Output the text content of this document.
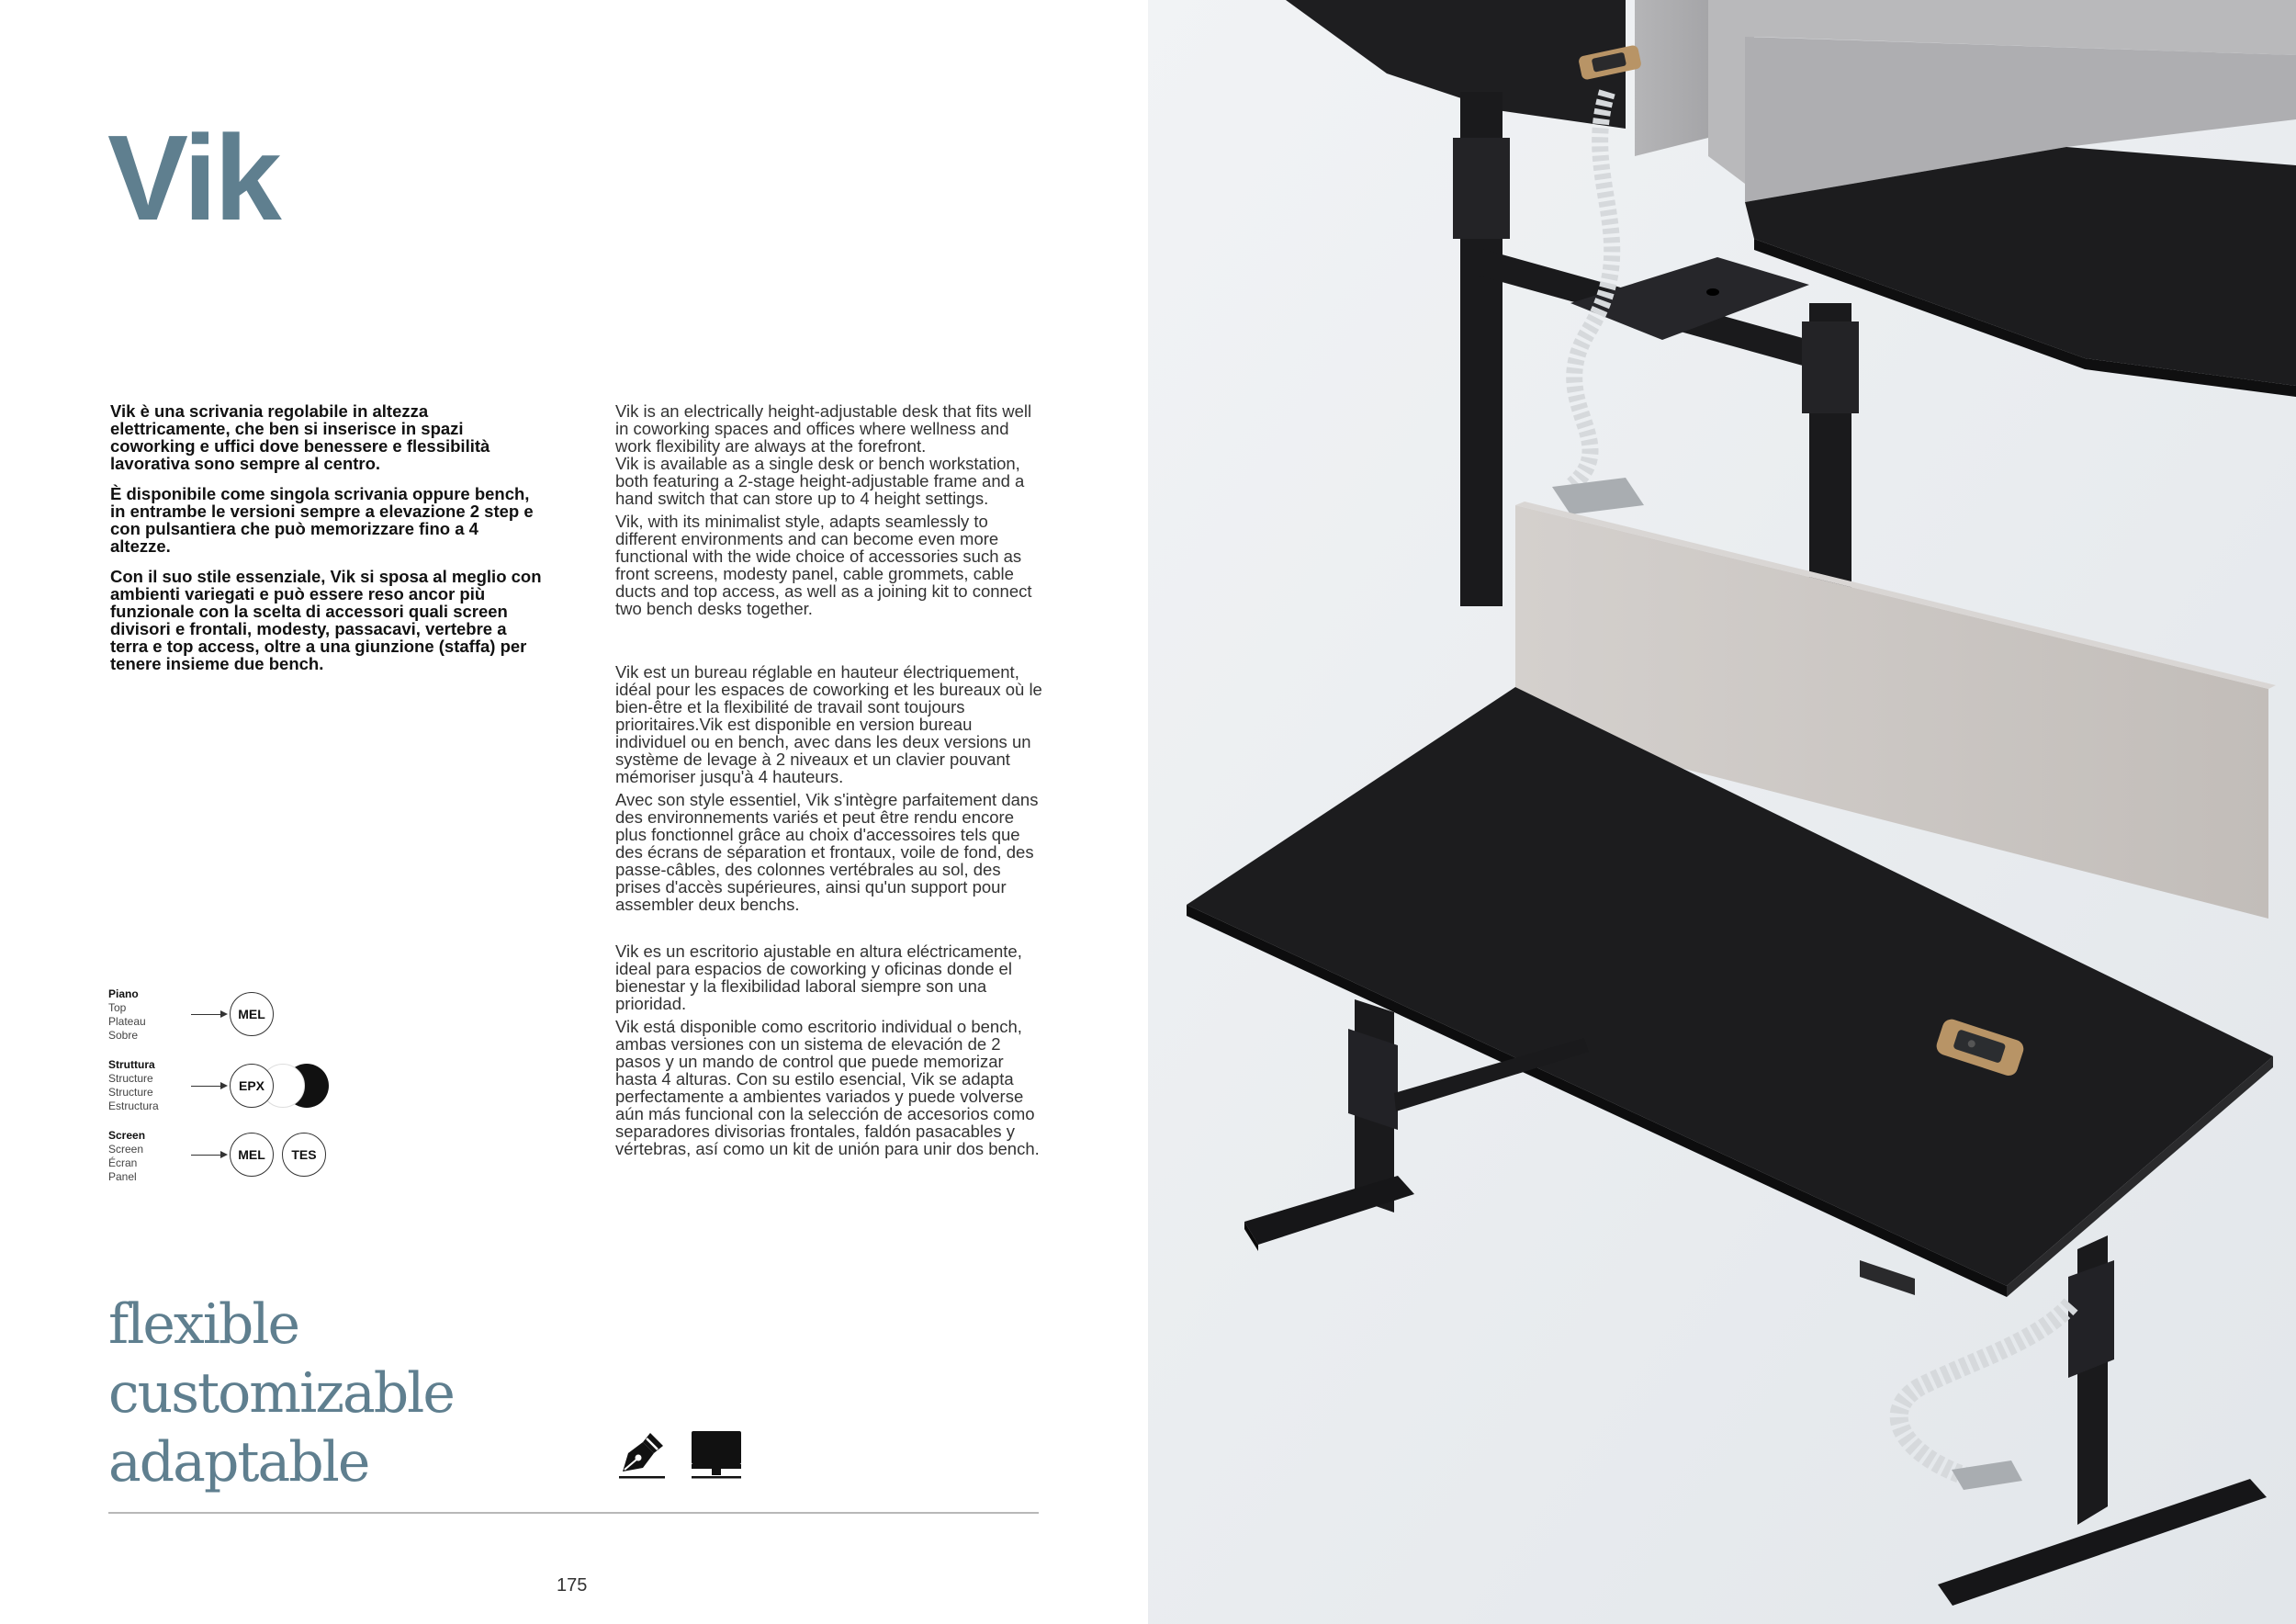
Vik

Vik è una scrivania regolabile in altezza elettricamente, che ben si inserisce in spazi coworking e uffici dove benessere e flessibilità lavorativa sono sempre al centro.

È disponibile come singola scrivania oppure bench, in entrambe le versioni sempre a elevazione 2 step e con pulsantiera che può memorizzare fino a 4 altezze.

Con il suo stile essenziale, Vik si sposa al meglio con ambienti variegati e può essere reso ancor più funzionale con la scelta di accessori quali screen divisori e frontali, modesty, passacavi, vertebre a terra e top access, oltre a una giunzione (staffa) per tenere insieme due bench.

Vik is an electrically height-adjustable desk that fits well in coworking spaces and offices where wellness and work flexibility are always at the forefront.

Vik is available as a single desk or bench workstation, both featuring a 2-stage height-adjustable frame and a hand switch that can store up to 4 height settings.

Vik, with its minimalist style, adapts seamlessly to different environments and can become even more functional with the wide choice of accessories such as front screens, modesty panel, cable grommets, cable ducts and top access, as well as a joining kit to connect two bench desks together.

Vik est un bureau réglable en hauteur électriquement, idéal pour les espaces de coworking et les bureaux où le bien-être et la flexibilité de travail sont toujours prioritaires.Vik est disponible en version bureau individuel ou en bench, avec dans les deux versions un système de levage à 2 niveaux et un clavier pouvant mémoriser jusqu'à 4 hauteurs.

Avec son style essentiel, Vik s'intègre parfaitement dans des environnements variés et peut être rendu encore plus fonctionnel grâce au choix d'accessoires tels que des écrans de séparation et frontaux, voile de fond, des passe-câbles, des colonnes vertébrales au sol, des prises d'accès supérieures, ainsi qu'un support pour assembler deux benchs.

Vik es un escritorio ajustable en altura eléctricamente, ideal para espacios de coworking y oficinas donde el bienestar y la flexibilidad laboral siempre son una prioridad.

Vik está disponible como escritorio individual o bench, ambas versiones con un sistema de elevación de 2 pasos y un mando de control que puede memorizar hasta 4 alturas. Con su estilo esencial, Vik se adapta perfectamente a ambientes variados y puede volverse aún más funcional con la selección de accesorios como separadores divisorias frontales, faldón pasacables y vértebras, así como un kit de unión para unir dos bench.

Piano
Top
Plateau
Sobre
MEL
Struttura
Structure
Structure
Estructura
EPX
Screen
Screen
Écran
Panel
MEL	TES
flexible
customizable
adaptable
175
